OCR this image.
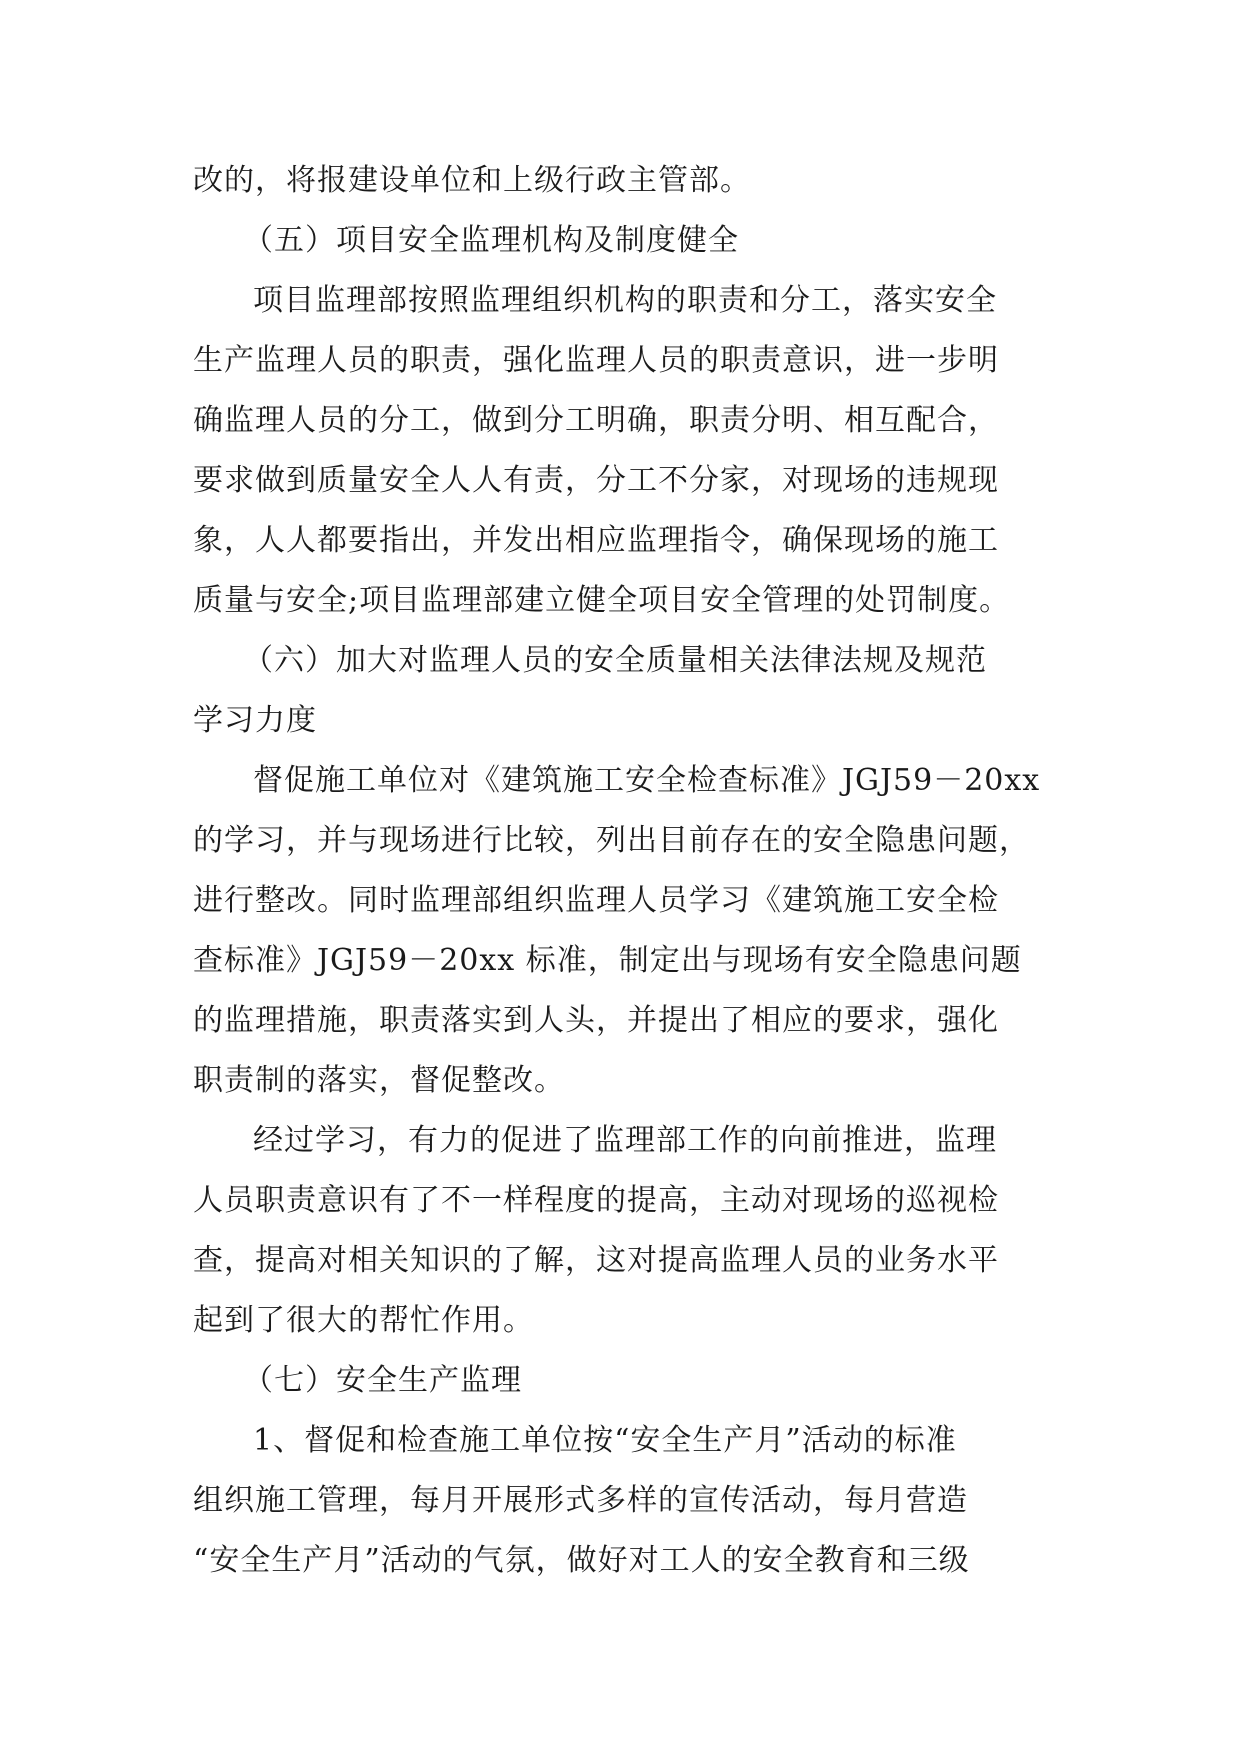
改的，将报建设单位和上级行政主管部。
（五）项目安全监理机构及制度健全
项目监理部按照监理组织机构的职责和分工，落实安全
生产监理人员的职责，强化监理人员的职责意识，进一步明
确监理人员的分工，做到分工明确，职责分明、相互配合，
要求做到质量安全人人有责，分工不分家，对现场的违规现
象，人人都要指出，并发出相应监理指令，确保现场的施工
质量与安全;项目监理部建立健全项目安全管理的处罚制度。
（六）加大对监理人员的安全质量相关法律法规及规范
学习力度
督促施工单位对《建筑施工安全检查标准》JGJ59－20xx
的学习，并与现场进行比较，列出目前存在的安全隐患问题，
进行整改。同时监理部组织监理人员学习《建筑施工安全检
查标准》JGJ59－20xx 标准，制定出与现场有安全隐患问题
的监理措施，职责落实到人头，并提出了相应的要求，强化
职责制的落实，督促整改。
经过学习，有力的促进了监理部工作的向前推进，监理
人员职责意识有了不一样程度的提高，主动对现场的巡视检
查，提高对相关知识的了解，这对提高监理人员的业务水平
起到了很大的帮忙作用。
（七）安全生产监理
1、督促和检查施工单位按“安全生产月”活动的标准
组织施工管理，每月开展形式多样的宣传活动，每月营造
“安全生产月”活动的气氛，做好对工人的安全教育和三级
